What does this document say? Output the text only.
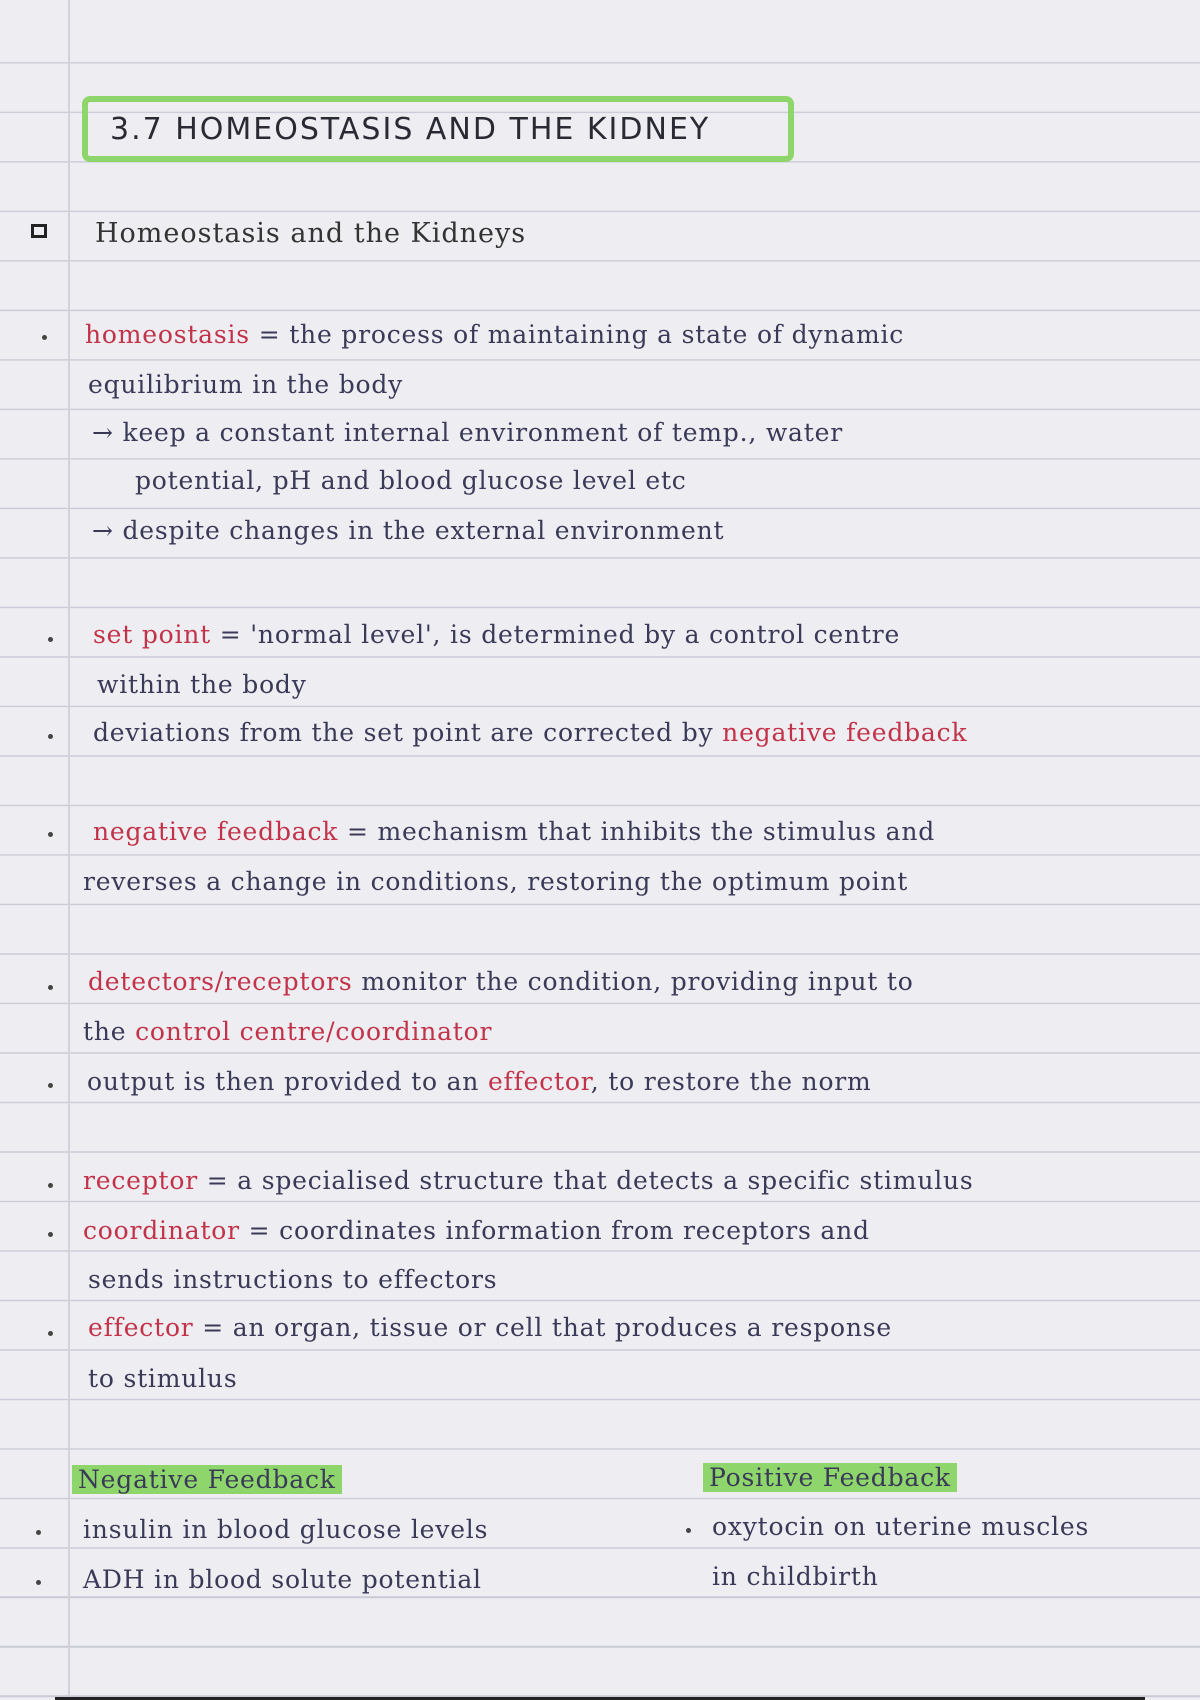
3.7 HOMEOSTASIS AND THE KIDNEY
Homeostasis and the Kidneys
homeostasis = the process of maintaining a state of dynamic
equilibrium in the body
→ keep a constant internal environment of temp., water
potential, pH and blood glucose level etc
→ despite changes in the external environment
set point = 'normal level', is determined by a control centre
within the body
deviations from the set point are corrected by negative feedback
negative feedback = mechanism that inhibits the stimulus and
reverses a change in conditions, restoring the optimum point
detectors/receptors monitor the condition, providing input to
the control centre/coordinator
output is then provided to an effector, to restore the norm
receptor = a specialised structure that detects a specific stimulus
coordinator = coordinates information from receptors and
sends instructions to effectors
effector = an organ, tissue or cell that produces a response
to stimulus
Negative Feedback
insulin in blood glucose levels
ADH in blood solute potential
Positive Feedback
oxytocin on uterine muscles
in childbirth
